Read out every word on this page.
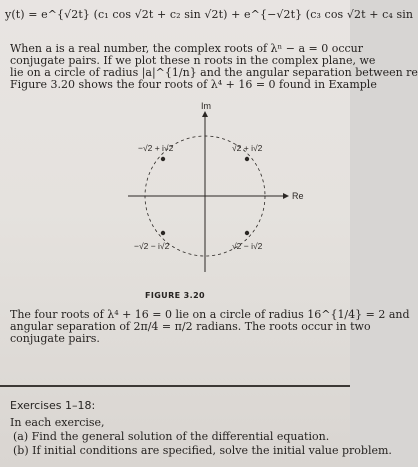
y(t) = e^{√2t} (c₁ cos √2t + c₂ sin √2t) + e^{−√2t} (c₃ cos √2t + c₄ sin
When a is a real number, the complex roots of λⁿ − a = 0 occur
conjugate pairs. If we plot these n roots in the complex plane, we
lie on a circle of radius |a|^{1/n} and the angular separation between re
Figure 3.20 shows the four roots of λ⁴ + 16 = 0 found in Example
Im
Re
−√2 + i√2	√2 + i√2
−√2 − i√2	√2 − i√2
FIGURE 3.20
The four roots of λ⁴ + 16 = 0 lie on a circle of radius 16^{1/4} = 2 and
angular separation of 2π/4 = π/2 radians. The roots occur in two
conjugate pairs.
Exercises 1–18:
In each exercise,
(a) Find the general solution of the differential equation.
(b) If initial conditions are specified, solve the initial value problem.
